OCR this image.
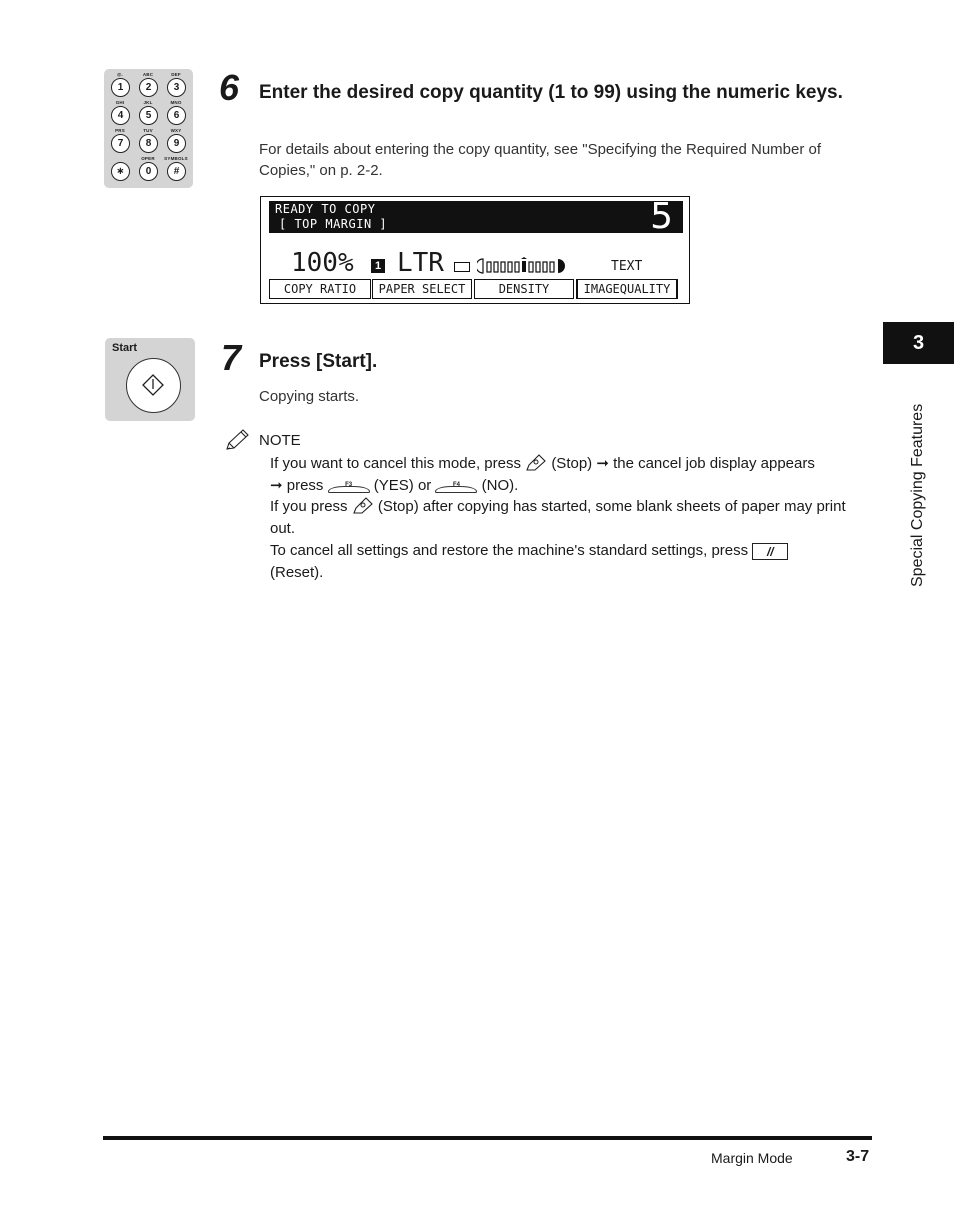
@.	ABC	DEF
1	2	3
GHI	JKL	MNO
4	5	6
PRS	TUV	WXY
7	8	9
OPER	SYMBOLS
∗	0	#
6 Enter the desired copy quantity (1 to 99) using the numeric keys.
For details about entering the copy quantity, see "Specifying the Required Number of Copies," on p. 2-2.
READY TO COPY
[ TOP MARGIN ]	5
100%	1 LTR	TEXT
COPY RATIO	PAPER SELECT	DENSITY	IMAGEQUALITY
Start 7 Press [Start].
Copying starts.
NOTE
If you want to cancel this mode, press (Stop) ➞ the cancel job display appears
➞ press	F3	(YES) or	F4	(NO).
If you press (Stop) after copying has started, some blank sheets of paper may print out.
To cancel all settings and restore the machine's standard settings, press //
(Reset).
3
Special Copying Features
Margin Mode	3-7
